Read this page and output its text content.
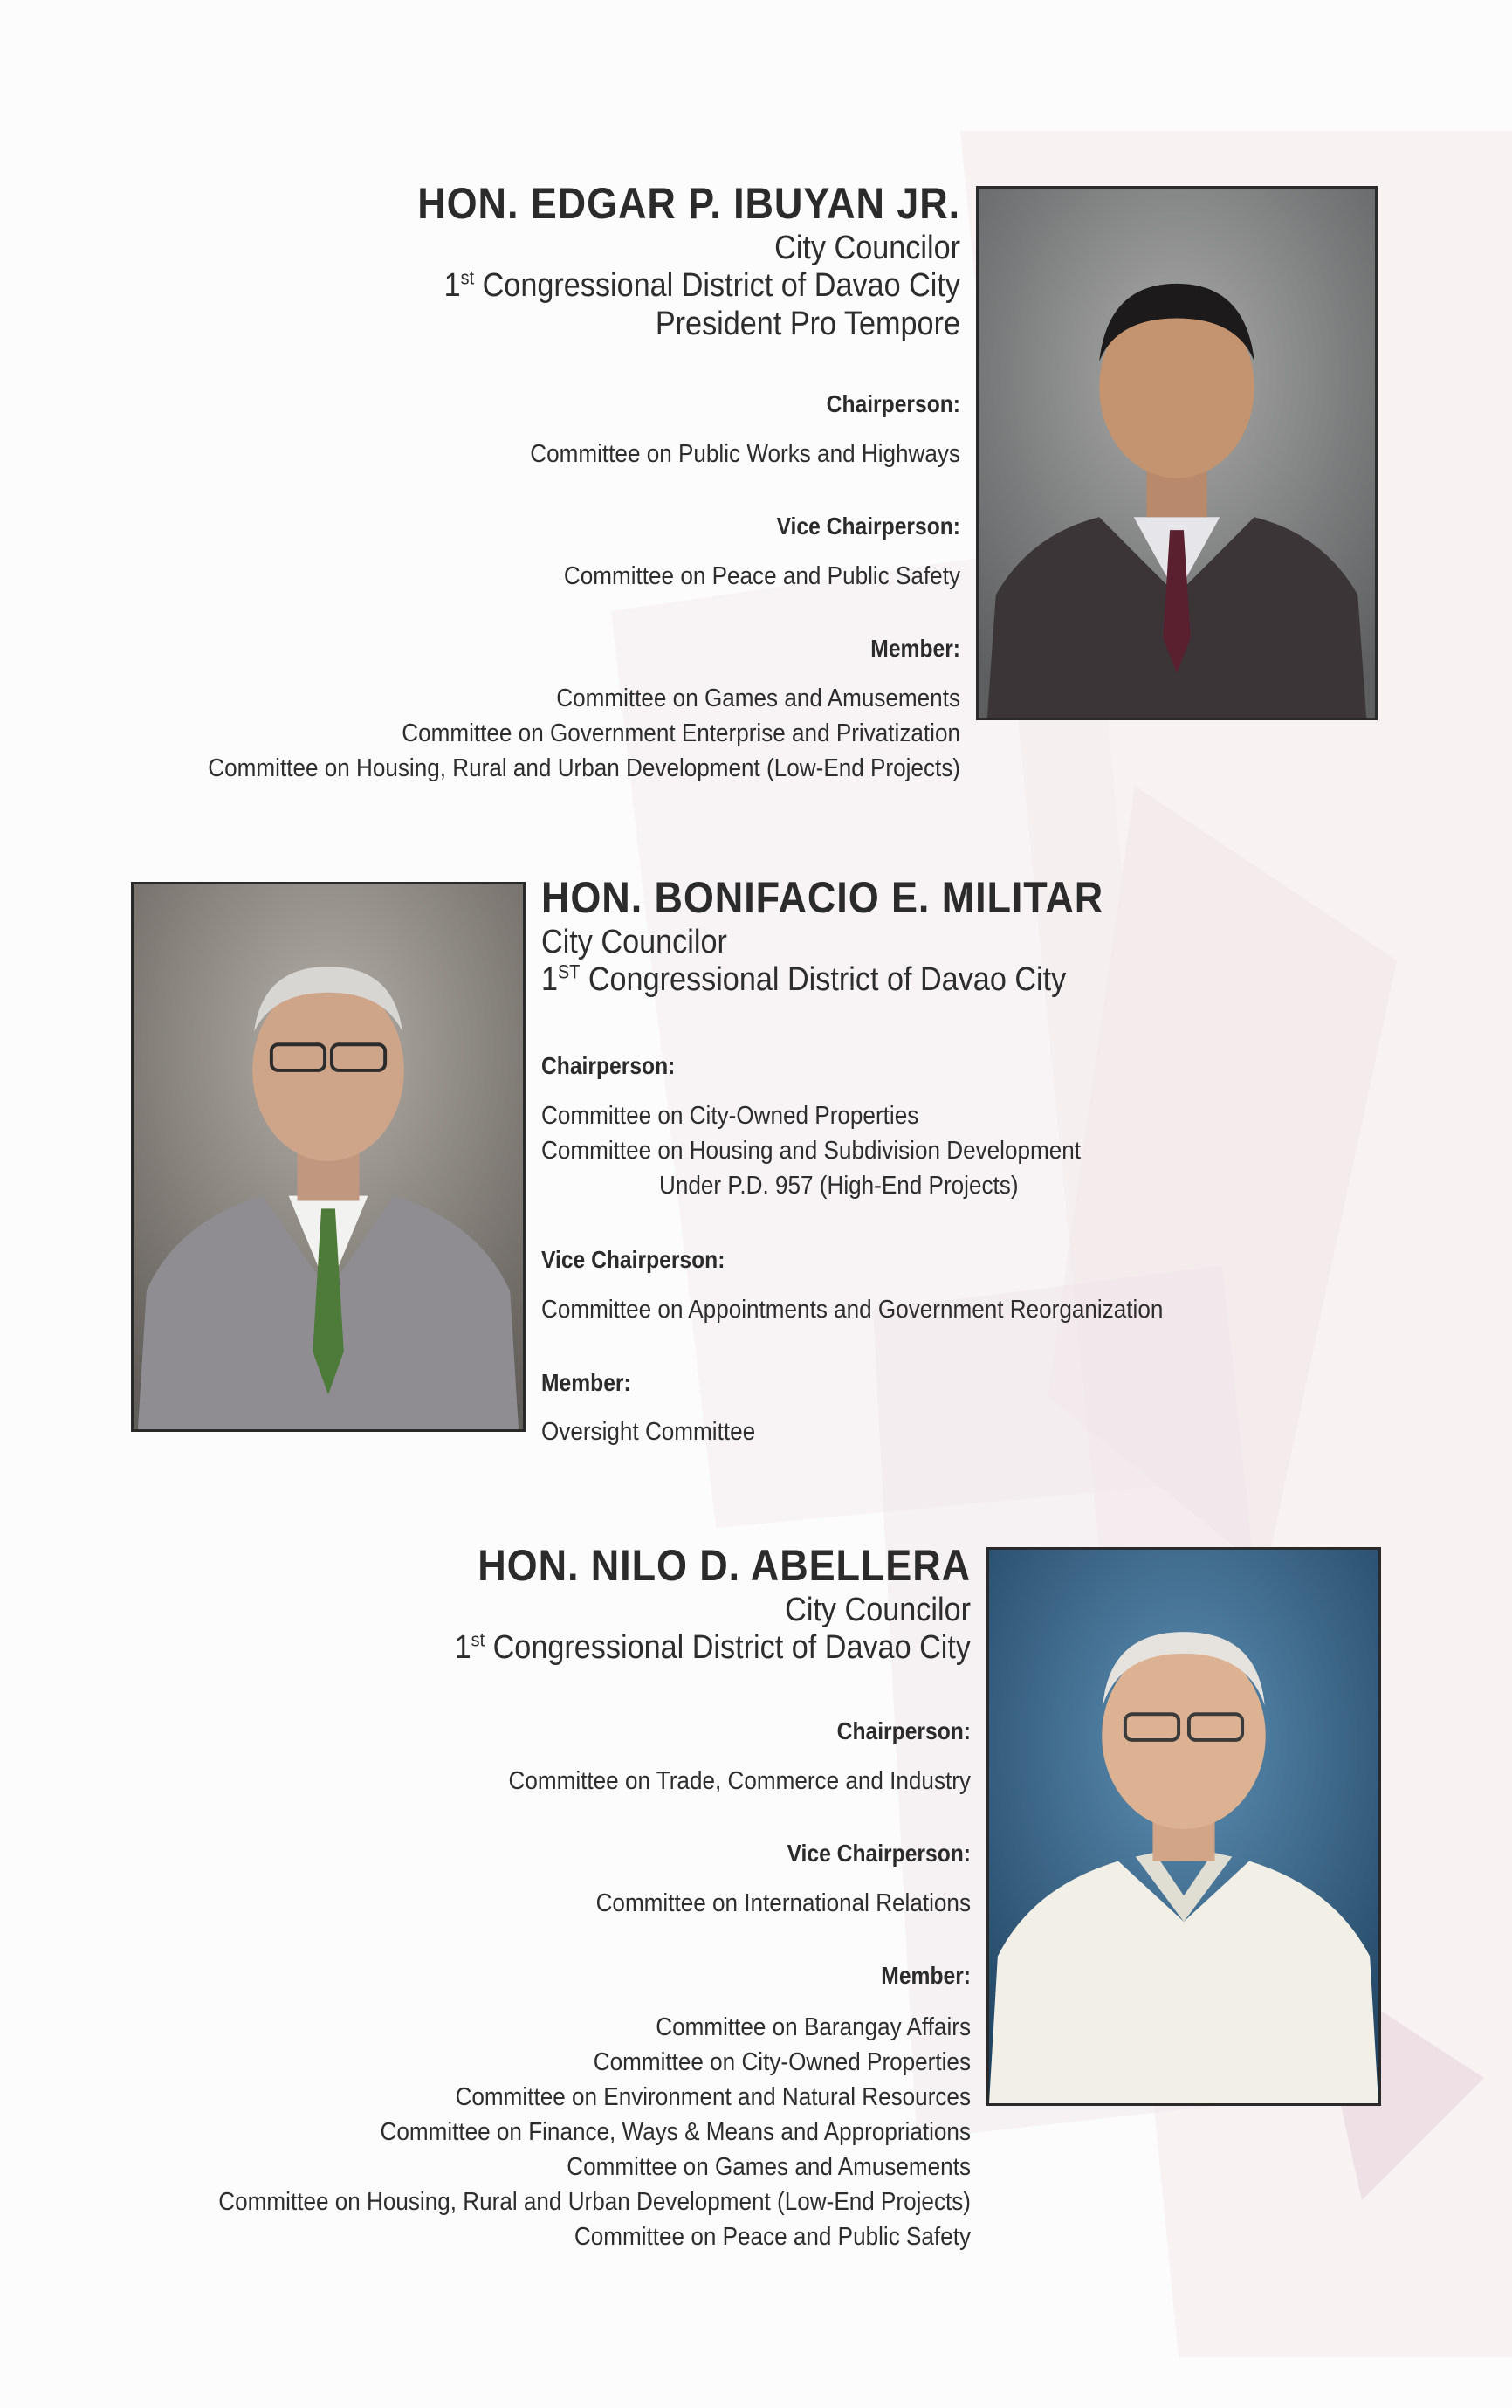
HON. EDGAR P. IBUYAN JR.
City Councilor
1st Congressional District of Davao City
President Pro Tempore
Chairperson:
Committee on Public Works and Highways
Vice Chairperson:
Committee on Peace and Public Safety
Member:
Committee on Games and Amusements
Committee on Government Enterprise and Privatization
Committee on Housing, Rural and Urban Development (Low-End Projects)
HON. BONIFACIO E. MILITAR
City Councilor
1ST Congressional District of Davao City
Chairperson:
Committee on City-Owned Properties
Committee on Housing and Subdivision Development
Under P.D. 957 (High-End Projects)
Vice Chairperson:
Committee on Appointments and Government Reorganization
Member:
Oversight Committee
HON. NILO D. ABELLERA
City Councilor
1st Congressional District of Davao City
Chairperson:
Committee on Trade, Commerce and Industry
Vice Chairperson:
Committee on International Relations
Member:
Committee on Barangay Affairs
Committee on City-Owned Properties
Committee on Environment and Natural Resources
Committee on Finance, Ways & Means and Appropriations
Committee on Games and Amusements
Committee on Housing, Rural and Urban Development (Low-End Projects)
Committee on Peace and Public Safety
